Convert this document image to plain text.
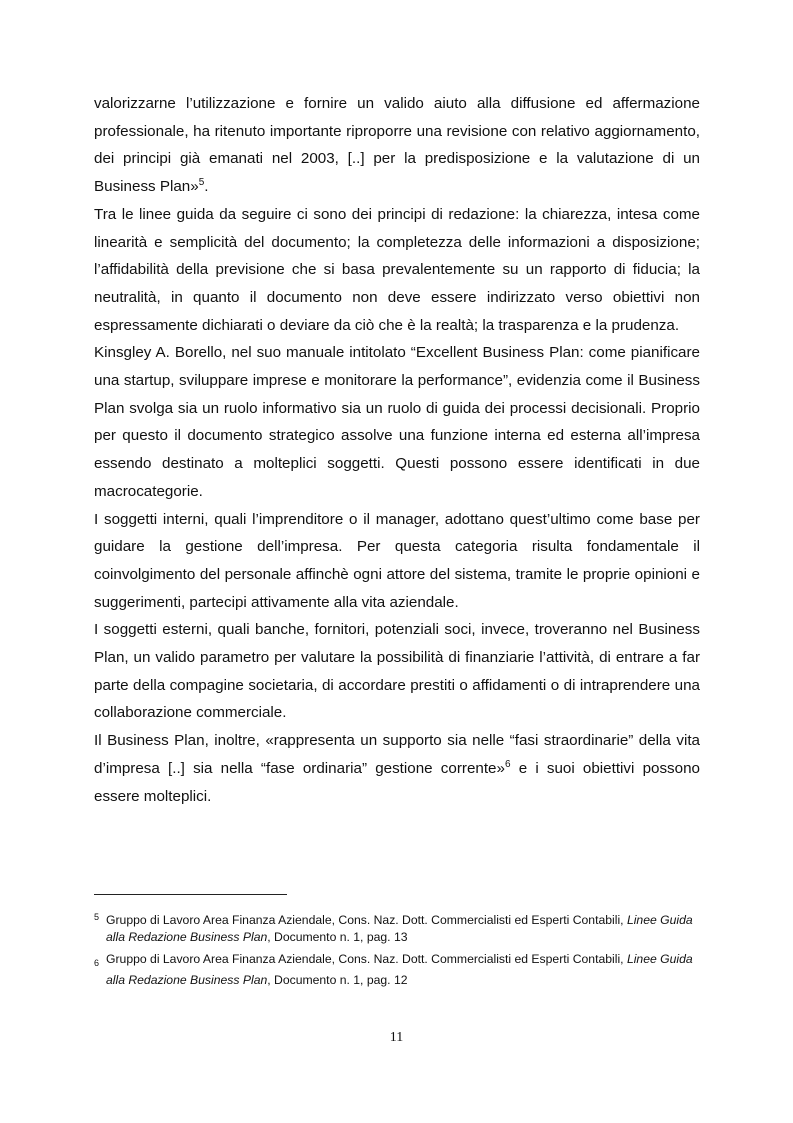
valorizzarne l’utilizzazione e fornire un valido aiuto alla diffusione ed affermazione professionale, ha ritenuto importante riproporre una revisione con relativo aggiornamento, dei principi già emanati nel 2003, [..] per la predisposizione e la valutazione di un Business Plan»$^5$.

Tra le linee guida da seguire ci sono dei principi di redazione: la chiarezza, intesa come linearità e semplicità del documento; la completezza delle informazioni a disposizione; l’affidabilità della previsione che si basa prevalentemente su un rapporto di fiducia; la neutralità, in quanto il documento non deve essere indirizzato verso obiettivi non espressamente dichiarati o deviare da ciò che è la realtà; la trasparenza e la prudenza.

Kinsgley A. Borello, nel suo manuale intitolato “Excellent Business Plan: come pianificare una startup, sviluppare imprese e monitorare la performance”, evidenzia come il Business Plan svolga sia un ruolo informativo sia un ruolo di guida dei processi decisionali. Proprio per questo il documento strategico assolve una funzione interna ed esterna all’impresa essendo destinato a molteplici soggetti. Questi possono essere identificati in due macrocategorie.

I soggetti interni, quali l’imprenditore o il manager, adottano quest’ultimo come base per guidare la gestione dell’impresa. Per questa categoria risulta fondamentale il coinvolgimento del personale affinchè ogni attore del sistema, tramite le proprie opinioni e suggerimenti, partecipi attivamente alla vita aziendale.

I soggetti esterni, quali banche, fornitori, potenziali soci, invece, troveranno nel Business Plan, un valido parametro per valutare la possibilità di finanziarie l’attività, di entrare a far parte della compagine societaria, di accordare prestiti o affidamenti o di intraprendere una collaborazione commerciale.

Il Business Plan, inoltre, «rappresenta un supporto sia nelle “fasi straordinarie” della vita d’impresa [..] sia nella “fase ordinaria” gestione corrente»$^6$ e i suoi obiettivi possono essere molteplici.

5 Gruppo di Lavoro Area Finanza Aziendale, Cons. Naz. Dott. Commercialisti ed Esperti Contabili, Linee Guida alla Redazione Business Plan, Documento n. 1, pag. 13

6 Gruppo di Lavoro Area Finanza Aziendale, Cons. Naz. Dott. Commercialisti ed Esperti Contabili, Linee Guida alla Redazione Business Plan, Documento n. 1, pag. 12

11
